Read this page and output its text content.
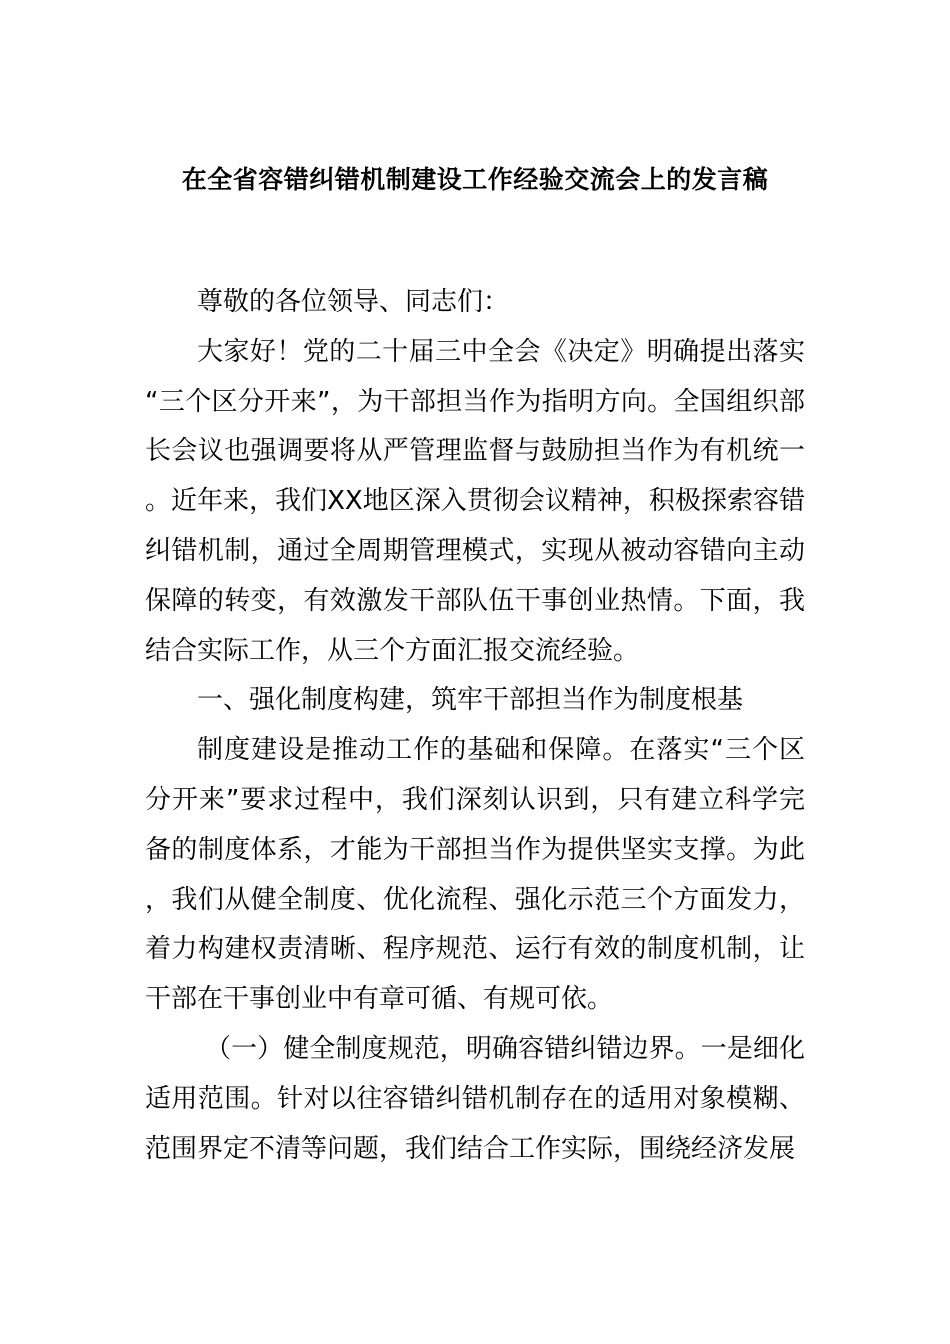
在全省容错纠错机制建设工作经验交流会上的发言稿

尊敬的各位领导、同志们：

大家好！党的二十届三中全会《决定》明确提出落实“三个区分开来”，为干部担当作为指明方向。全国组织部长会议也强调要将从严管理监督与鼓励担当作为有机统一。近年来，我们XX地区深入贯彻会议精神，积极探索容错纠错机制，通过全周期管理模式，实现从被动容错向主动保障的转变，有效激发干部队伍干事创业热情。下面，我结合实际工作，从三个方面汇报交流经验。

一、强化制度构建，筑牢干部担当作为制度根基

制度建设是推动工作的基础和保障。在落实“三个区分开来”要求过程中，我们深刻认识到，只有建立科学完备的制度体系，才能为干部担当作为提供坚实支撑。为此，我们从健全制度、优化流程、强化示范三个方面发力，着力构建权责清晰、程序规范、运行有效的制度机制，让干部在干事创业中有章可循、有规可依。

（一）健全制度规范，明确容错纠错边界。一是细化适用范围。针对以往容错纠错机制存在的适用对象模糊、范围界定不清等问题，我们结合工作实际，围绕经济发展
